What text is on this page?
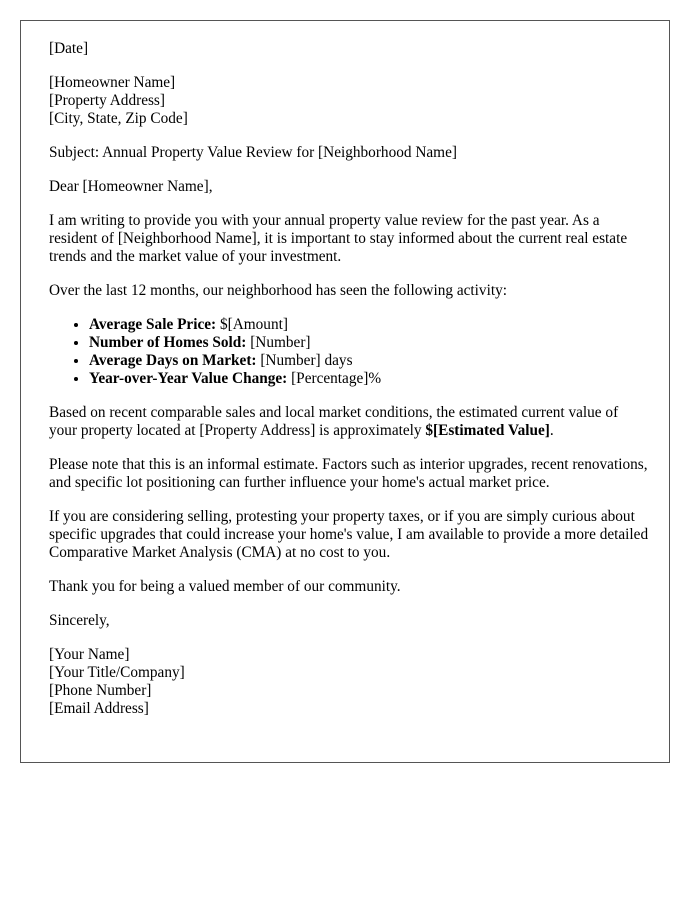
[Date]

[Homeowner Name]
[Property Address]
[City, State, Zip Code]

Subject: Annual Property Value Review for [Neighborhood Name]

Dear [Homeowner Name],

I am writing to provide you with your annual property value review for the past year. As a resident of [Neighborhood Name], it is important to stay informed about the current real estate trends and the market value of your investment.

Over the last 12 months, our neighborhood has seen the following activity:

• Average Sale Price: $[Amount]
• Number of Homes Sold: [Number]
• Average Days on Market: [Number] days
• Year-over-Year Value Change: [Percentage]%

Based on recent comparable sales and local market conditions, the estimated current value of your property located at [Property Address] is approximately $[Estimated Value].

Please note that this is an informal estimate. Factors such as interior upgrades, recent renovations, and specific lot positioning can further influence your home's actual market price.

If you are considering selling, protesting your property taxes, or if you are simply curious about specific upgrades that could increase your home's value, I am available to provide a more detailed Comparative Market Analysis (CMA) at no cost to you.

Thank you for being a valued member of our community.

Sincerely,

[Your Name]
[Your Title/Company]
[Phone Number]
[Email Address]
